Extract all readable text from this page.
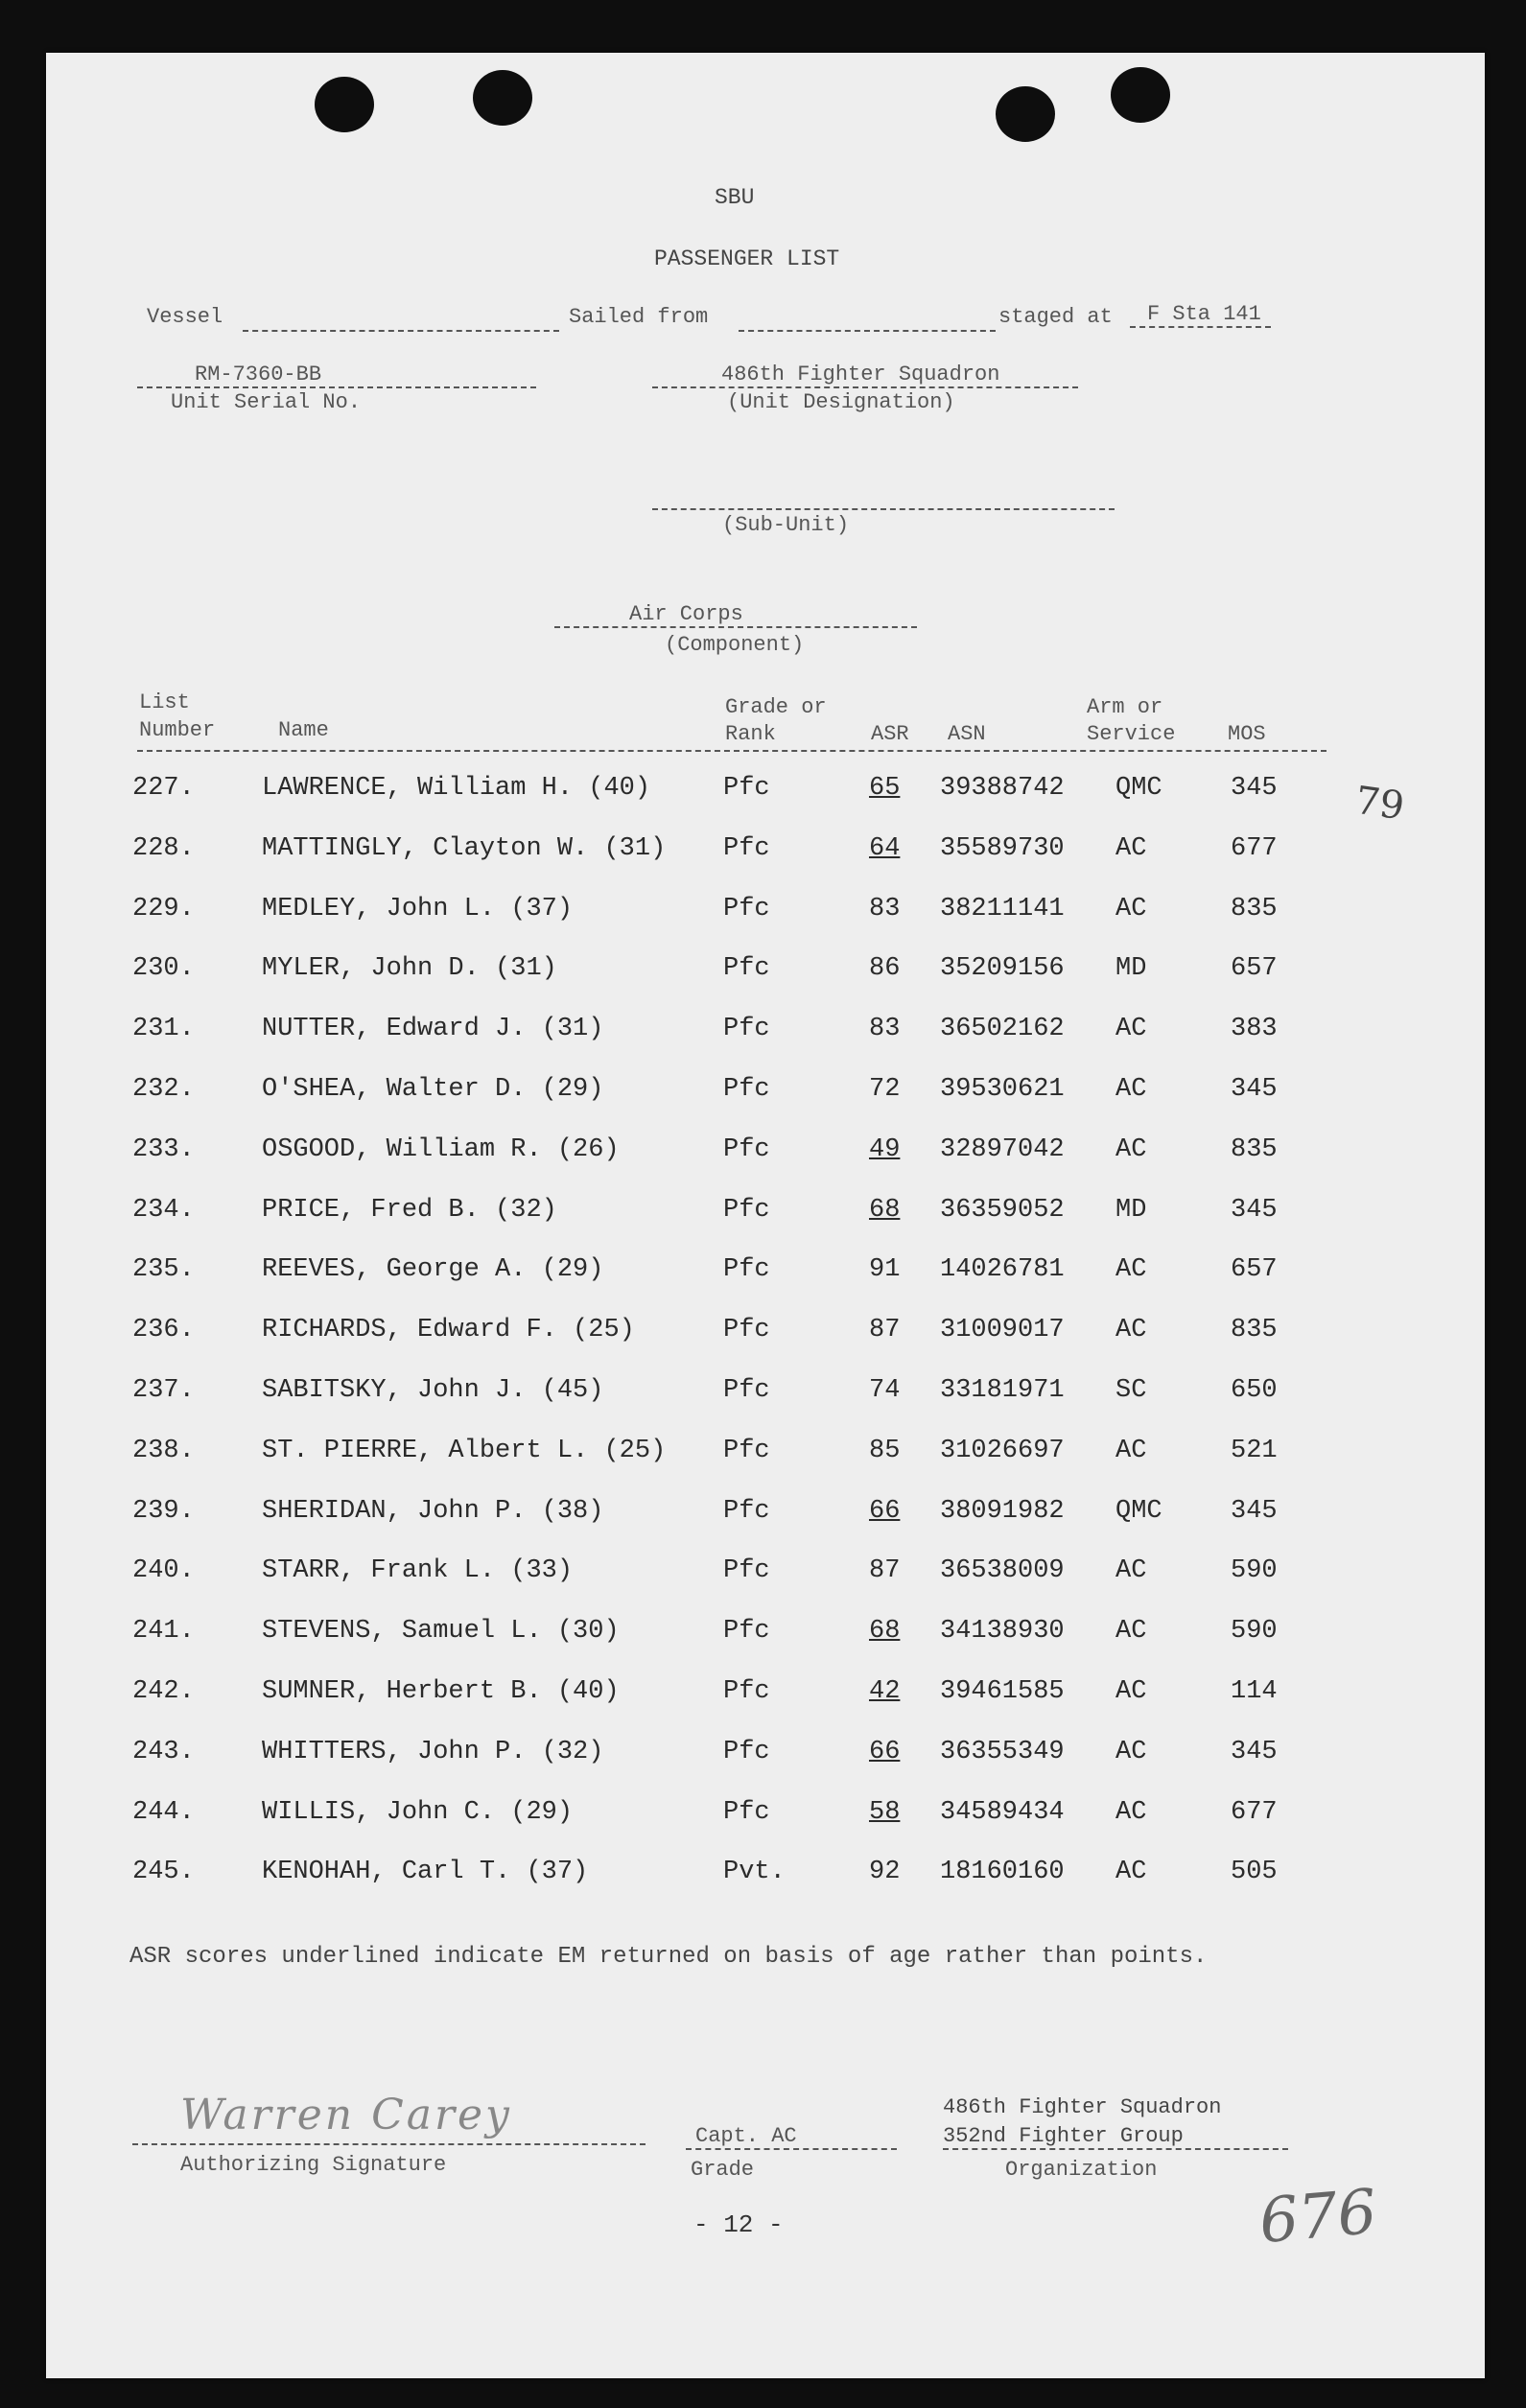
SBU
PASSENGER LIST
Vessel	Sailed from	staged at	F Sta 141
RM-7360-BB
Unit Serial No.
486th Fighter Squadron
(Unit Designation)
(Sub-Unit)
Air Corps
(Component)
List
Number	Name
Grade or
Rank	ASR ASN
Arm or
Service MOS
227.	LAWRENCE, William H. (40)	Pfc	65 39388742 QMC	345
228.	MATTINGLY, Clayton W. (31) Pfc	64 35589730 AC	677
229.	MEDLEY, John L. (37)	Pfc	83 38211141 AC	835
230.	MYLER, John D. (31)	Pfc	86 35209156 MD	657
231.	NUTTER, Edward J. (31)	Pfc	83 36502162 AC	383
232.	O'SHEA, Walter D. (29)	Pfc	72 39530621 AC	345
233.	OSGOOD, William R. (26)	Pfc	49 32897042 AC	835
234.	PRICE, Fred B. (32)	Pfc	68 36359052 MD	345
235.	REEVES, George A. (29)	Pfc	91 14026781 AC	657
236.	RICHARDS, Edward F. (25)	Pfc	87 31009017 AC	835
237.	SABITSKY, John J. (45)	Pfc	74 33181971 SC	650
238.	ST. PIERRE, Albert L. (25) Pfc	85 31026697 AC	521
239.	SHERIDAN, John P. (38)	Pfc	66 38091982 QMC	345
240.	STARR, Frank L. (33)	Pfc	87 36538009 AC	590
241.	STEVENS, Samuel L. (30)	Pfc	68 34138930 AC	590
242.	SUMNER, Herbert B. (40)	Pfc	42 39461585 AC	114
243.	WHITTERS, John P. (32)	Pfc	66 36355349 AC	345
244.	WILLIS, John C. (29)	Pfc	58 34589434 AC	677
245.	KENOHAH, Carl T. (37)	Pvt.	92 18160160 AC	505
79
ASR scores underlined indicate EM returned on basis of age rather than points.
Warren Carey
Authorizing Signature
Capt. AC
Grade
486th Fighter Squadron
352nd Fighter Group
Organization
- 12 -	676
